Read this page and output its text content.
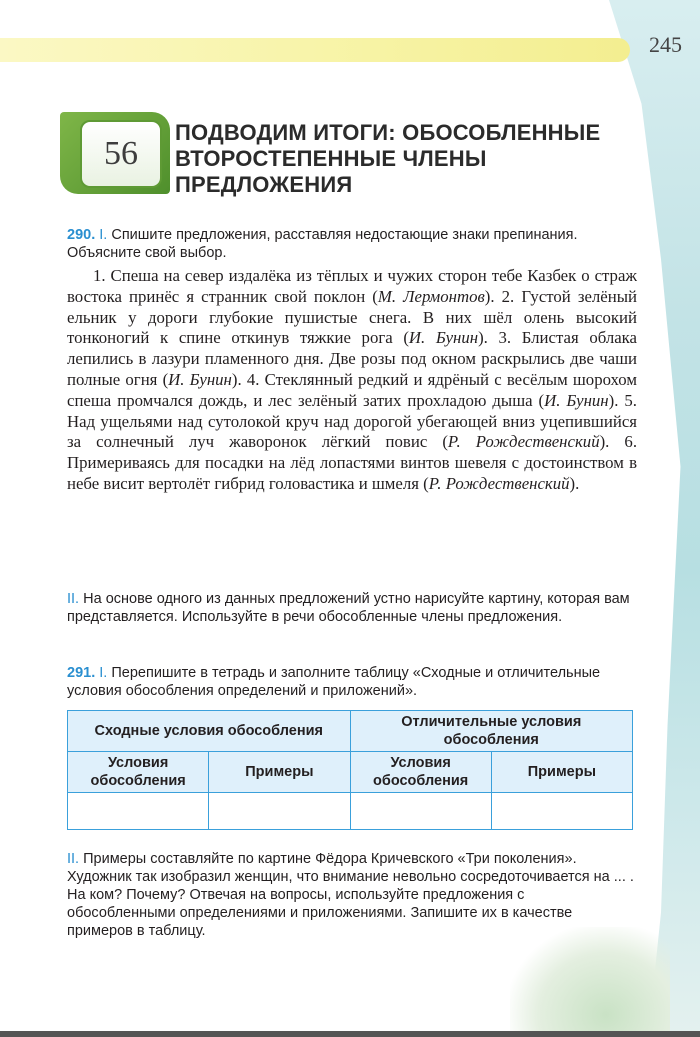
245
56
ПОДВОДИМ ИТОГИ: ОБОСОБЛЕННЫЕ ВТОРОСТЕПЕННЫЕ ЧЛЕНЫ ПРЕДЛОЖЕНИЯ
290. I. Спишите предложения, расставляя недостающие знаки препинания. Объясните свой выбор.

1. Спеша на север издалёка из тёплых и чужих сторон тебе Казбек о страж востока принёс я странник свой поклон (М. Лермонтов). 2. Густой зелёный ельник у дороги глубокие пушистые снега. В них шёл олень высокий тонконогий к спине откинув тяжкие рога (И. Бунин). 3. Блистая облака лепились в лазури пламенного дня. Две розы под окном раскрылись две чаши полные огня (И. Бунин). 4. Стеклянный редкий и ядрёный с весёлым шорохом спеша промчался дождь, и лес зелёный затих прохладою дыша (И. Бунин). 5. Над ущельями над сутолокой круч над дорогой убегающей вниз уцепившийся за солнечный луч жаворонок лёгкий повис (Р. Рождественский). 6. Примериваясь для посадки на лёд лопастями винтов шевеля с достоинством в небе висит вертолёт гибрид головастика и шмеля (Р. Рождественский).

II. На основе одного из данных предложений устно нарисуйте картину, которая вам представляется. Используйте в речи обособленные члены предложения.
291. I. Перепишите в тетрадь и заполните таблицу «Сходные и отличительные условия обособления определений и приложений».
Сходные условия обособления		Отличительные условия обособления	
Условия обособления	Примеры	Условия обособления	Примеры

II. Примеры составляйте по картине Фёдора Кричевского «Три поколения». Художник так изобразил женщин, что внимание невольно сосредоточивается на ... . На ком? Почему? Отвечая на вопросы, используйте предложения с обособленными определениями и приложениями. Запишите их в качестве примеров в таблицу.
